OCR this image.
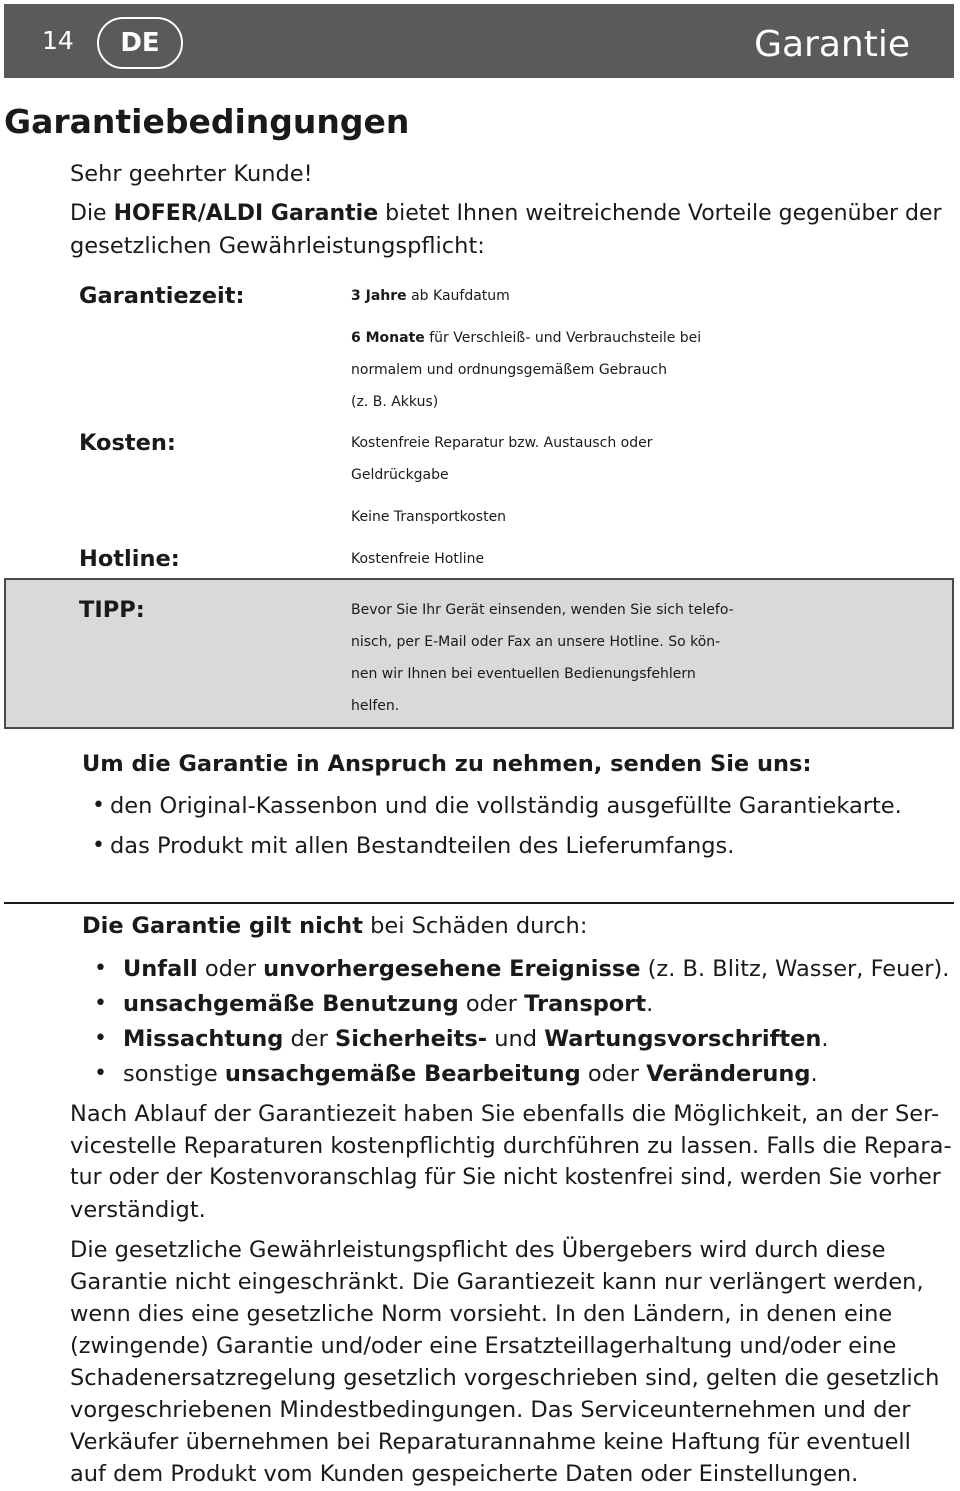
14	DE	Garantie
Garantiebedingungen
Sehr geehrter Kunde!
Die HOFER/ALDI Garantie bietet Ihnen weitreichende Vorteile gegenüber der
gesetzlichen Gewährleistungspflicht:
Garantiezeit:	3 Jahre ab Kaufdatum
6 Monate für Verschleiß- und Verbrauchsteile bei
normalem und ordnungsgemäßem Gebrauch
(z. B. Akkus)
Kosten:	Kostenfreie Reparatur bzw. Austausch oder
Geldrückgabe
Keine Transportkosten
Hotline:	Kostenfreie Hotline
TIPP:	Bevor Sie Ihr Gerät einsenden, wenden Sie sich telefo-
nisch, per E-Mail oder Fax an unsere Hotline. So kön-
nen wir Ihnen bei eventuellen Bedienungsfehlern
helfen.
Um die Garantie in Anspruch zu nehmen, senden Sie uns:
• den Original-Kassenbon und die vollständig ausgefüllte Garantiekarte.
• das Produkt mit allen Bestandteilen des Lieferumfangs.
Die Garantie gilt nicht bei Schäden durch:
• Unfall oder unvorhergesehene Ereignisse (z. B. Blitz, Wasser, Feuer).
• unsachgemäße Benutzung oder Transport.
• Missachtung der Sicherheits- und Wartungsvorschriften.
• sonstige unsachgemäße Bearbeitung oder Veränderung.
Nach Ablauf der Garantiezeit haben Sie ebenfalls die Möglichkeit, an der Ser-
vicestelle Reparaturen kostenpflichtig durchführen zu lassen. Falls die Repara-
tur oder der Kostenvoranschlag für Sie nicht kostenfrei sind, werden Sie vorher
verständigt.
Die gesetzliche Gewährleistungspflicht des Übergebers wird durch diese
Garantie nicht eingeschränkt. Die Garantiezeit kann nur verlängert werden,
wenn dies eine gesetzliche Norm vorsieht. In den Ländern, in denen eine
(zwingende) Garantie und/oder eine Ersatzteillagerhaltung und/oder eine
Schadenersatzregelung gesetzlich vorgeschrieben sind, gelten die gesetzlich
vorgeschriebenen Mindestbedingungen. Das Serviceunternehmen und der
Verkäufer übernehmen bei Reparaturannahme keine Haftung für eventuell
auf dem Produkt vom Kunden gespeicherte Daten oder Einstellungen.
